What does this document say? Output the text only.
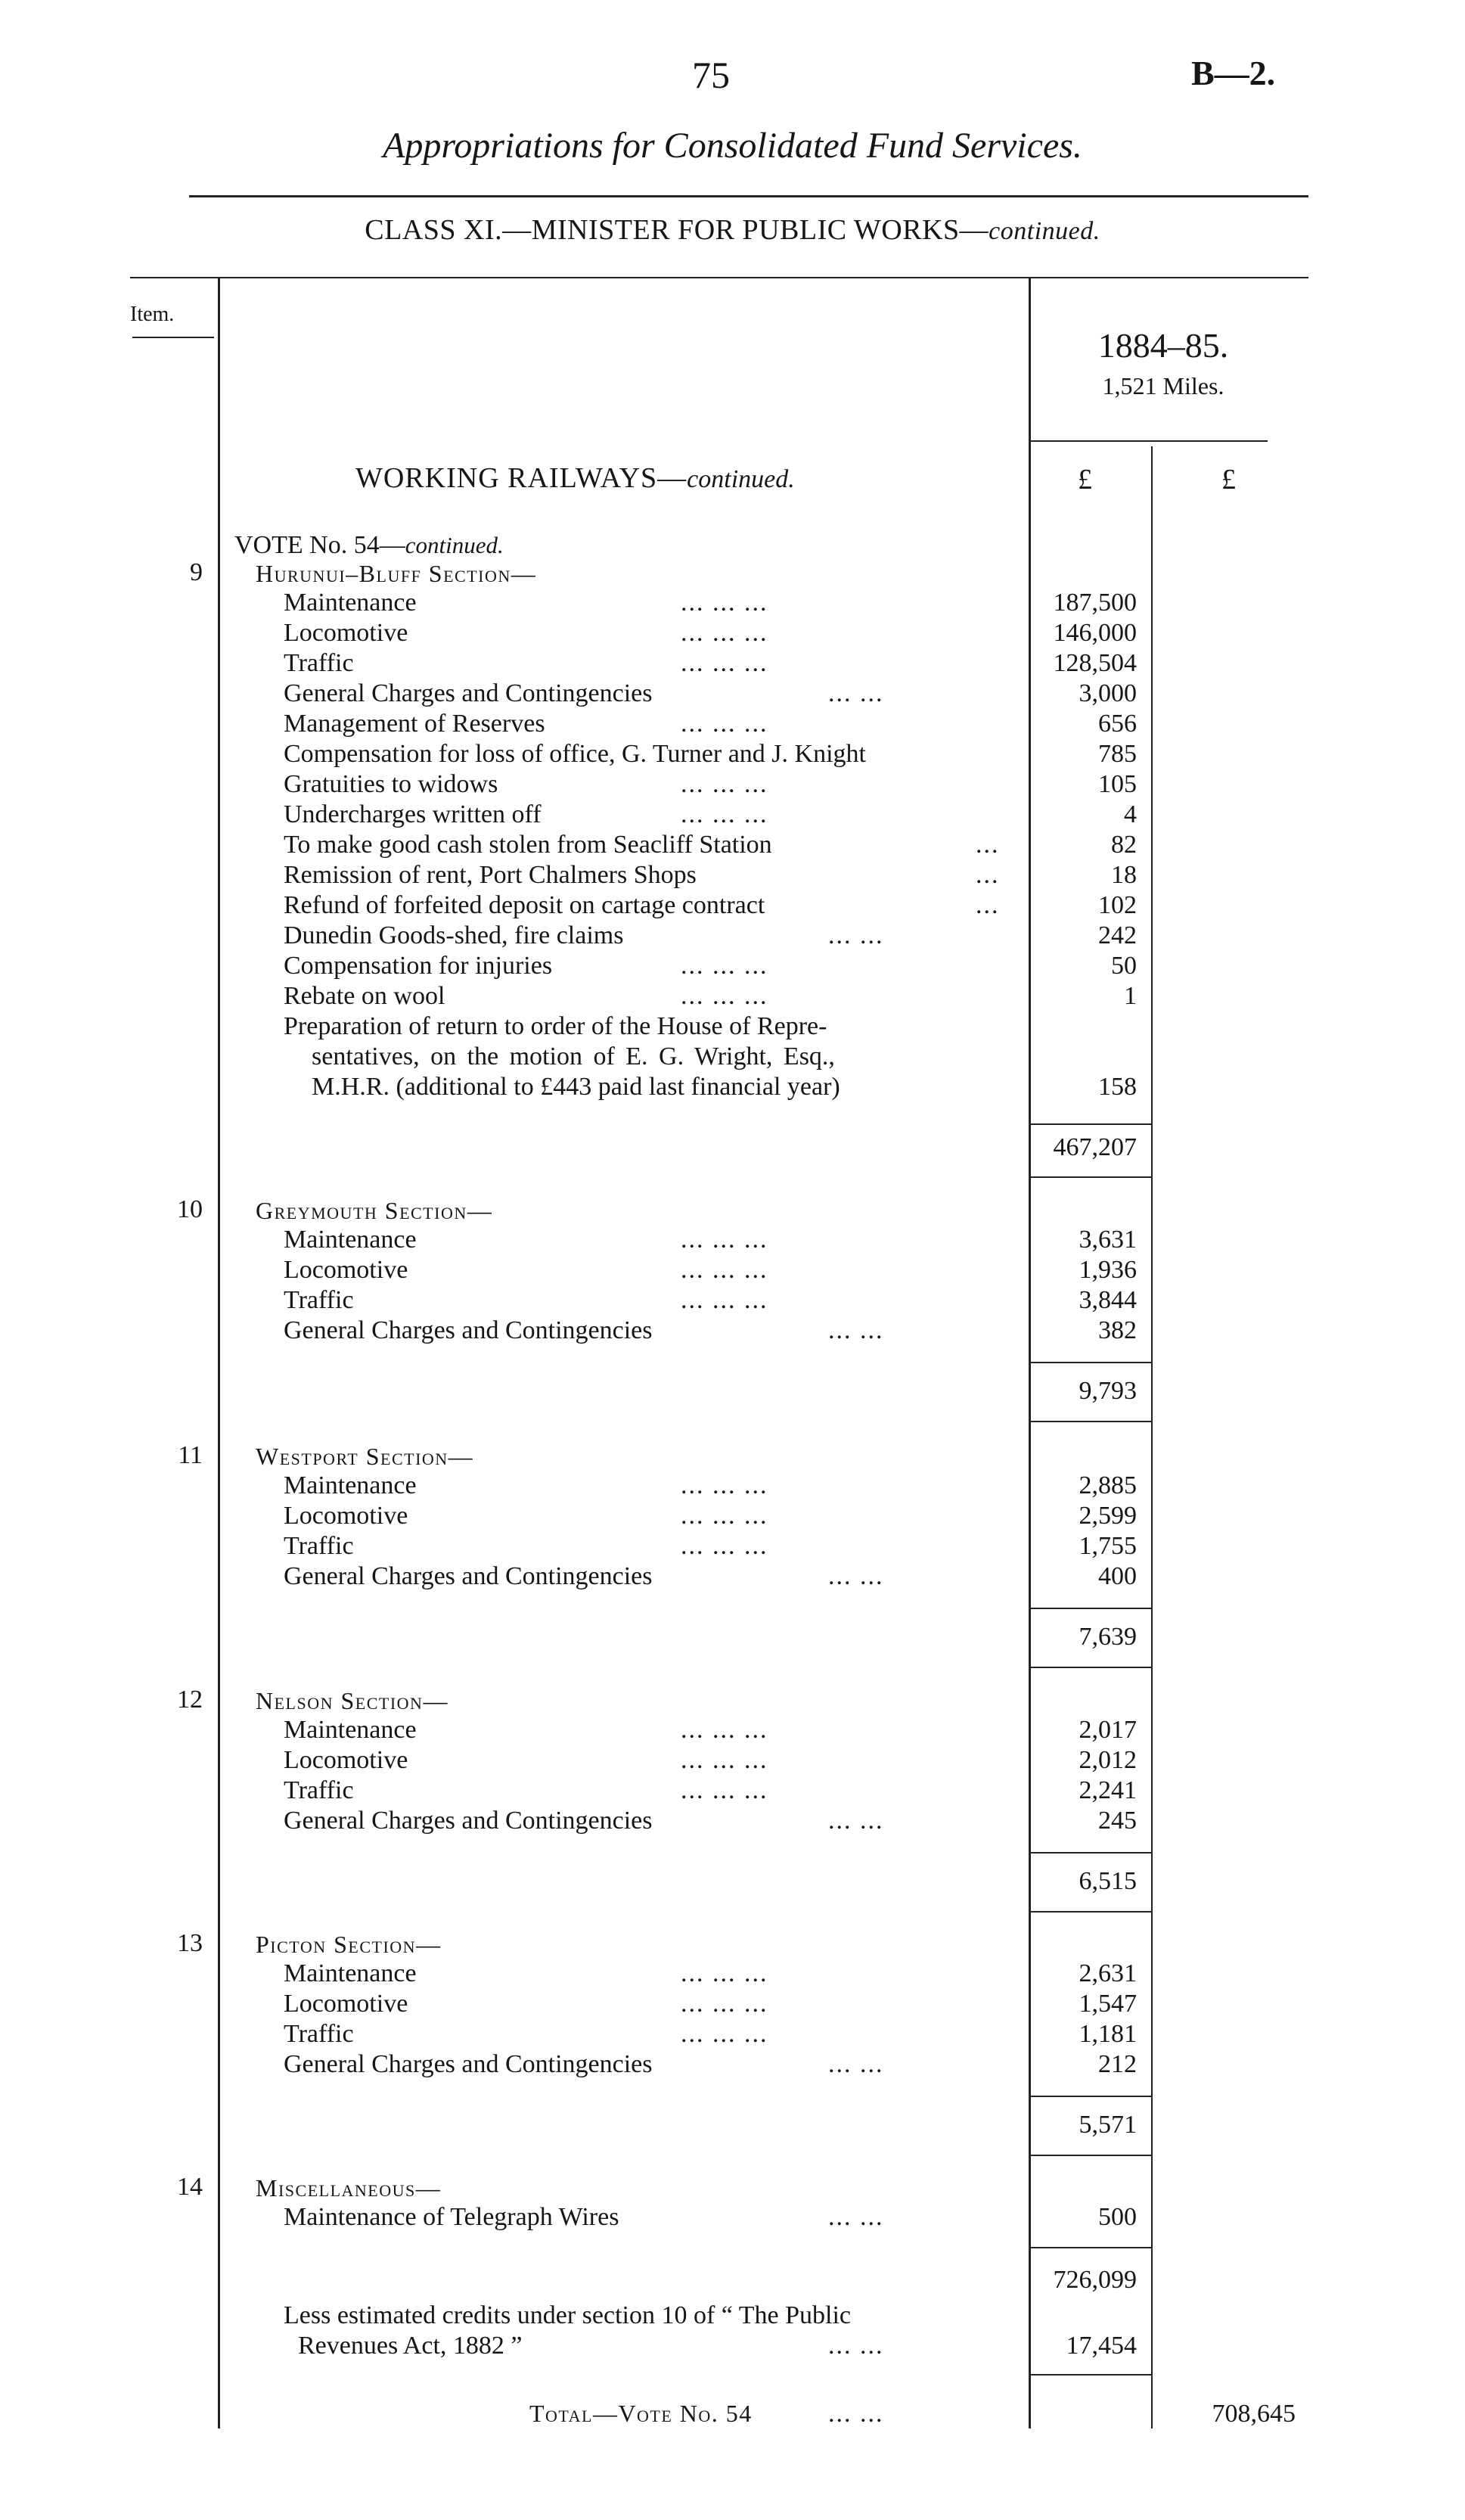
75	B—2.
Appropriations for Consolidated Fund Services.
CLASS XI.—MINISTER FOR PUBLIC WORKS—continued.
Item.
1884–85.
1,521 Miles.
WORKING RAILWAYS—continued.	£	£
VOTE No. 54—continued.
9 Hurunui–Bluff Section—
Maintenance	... ... ...	187,500
Locomotive	... ... ...	146,000
Traffic	... ... ...	128,504
General Charges and Contingencies	... ...	3,000
Management of Reserves	... ... ...	656
Compensation for loss of office, G. Turner and J. Knight	785
Gratuities to widows	... ... ...	105
Undercharges written off	... ... ...	4
To make good cash stolen from Seacliff Station	...	82
Remission of rent, Port Chalmers Shops	...	18
Refund of forfeited deposit on cartage contract	...	102
Dunedin Goods-shed, fire claims	... ...	242
Compensation for injuries	... ... ...	50
Rebate on wool	... ... ...	1
Preparation of return to order of the House of Repre-
sentatives, on the motion of E. G. Wright, Esq.,
M.H.R. (additional to £443 paid last financial year)	158
467,207
10 Greymouth Section—
Maintenance	... ... ...	3,631
Locomotive	... ... ...	1,936
Traffic	... ... ...	3,844
General Charges and Contingencies	... ...	382
9,793
11 Westport Section—
Maintenance	... ... ...	2,885
Locomotive	... ... ...	2,599
Traffic	... ... ...	1,755
General Charges and Contingencies	... ...	400
7,639
12 Nelson Section—
Maintenance	... ... ...	2,017
Locomotive	... ... ...	2,012
Traffic	... ... ...	2,241
General Charges and Contingencies	... ...	245
6,515
13 Picton Section—
Maintenance	... ... ...	2,631
Locomotive	... ... ...	1,547
Traffic	... ... ...	1,181
General Charges and Contingencies	... ...	212
5,571
14 Miscellaneous—
Maintenance of Telegraph Wires	... ...	500
726,099
Less estimated credits under section 10 of “ The Public
Revenues Act, 1882 ”	... ...	17,454
Total—Vote No. 54	... ...	708,645
